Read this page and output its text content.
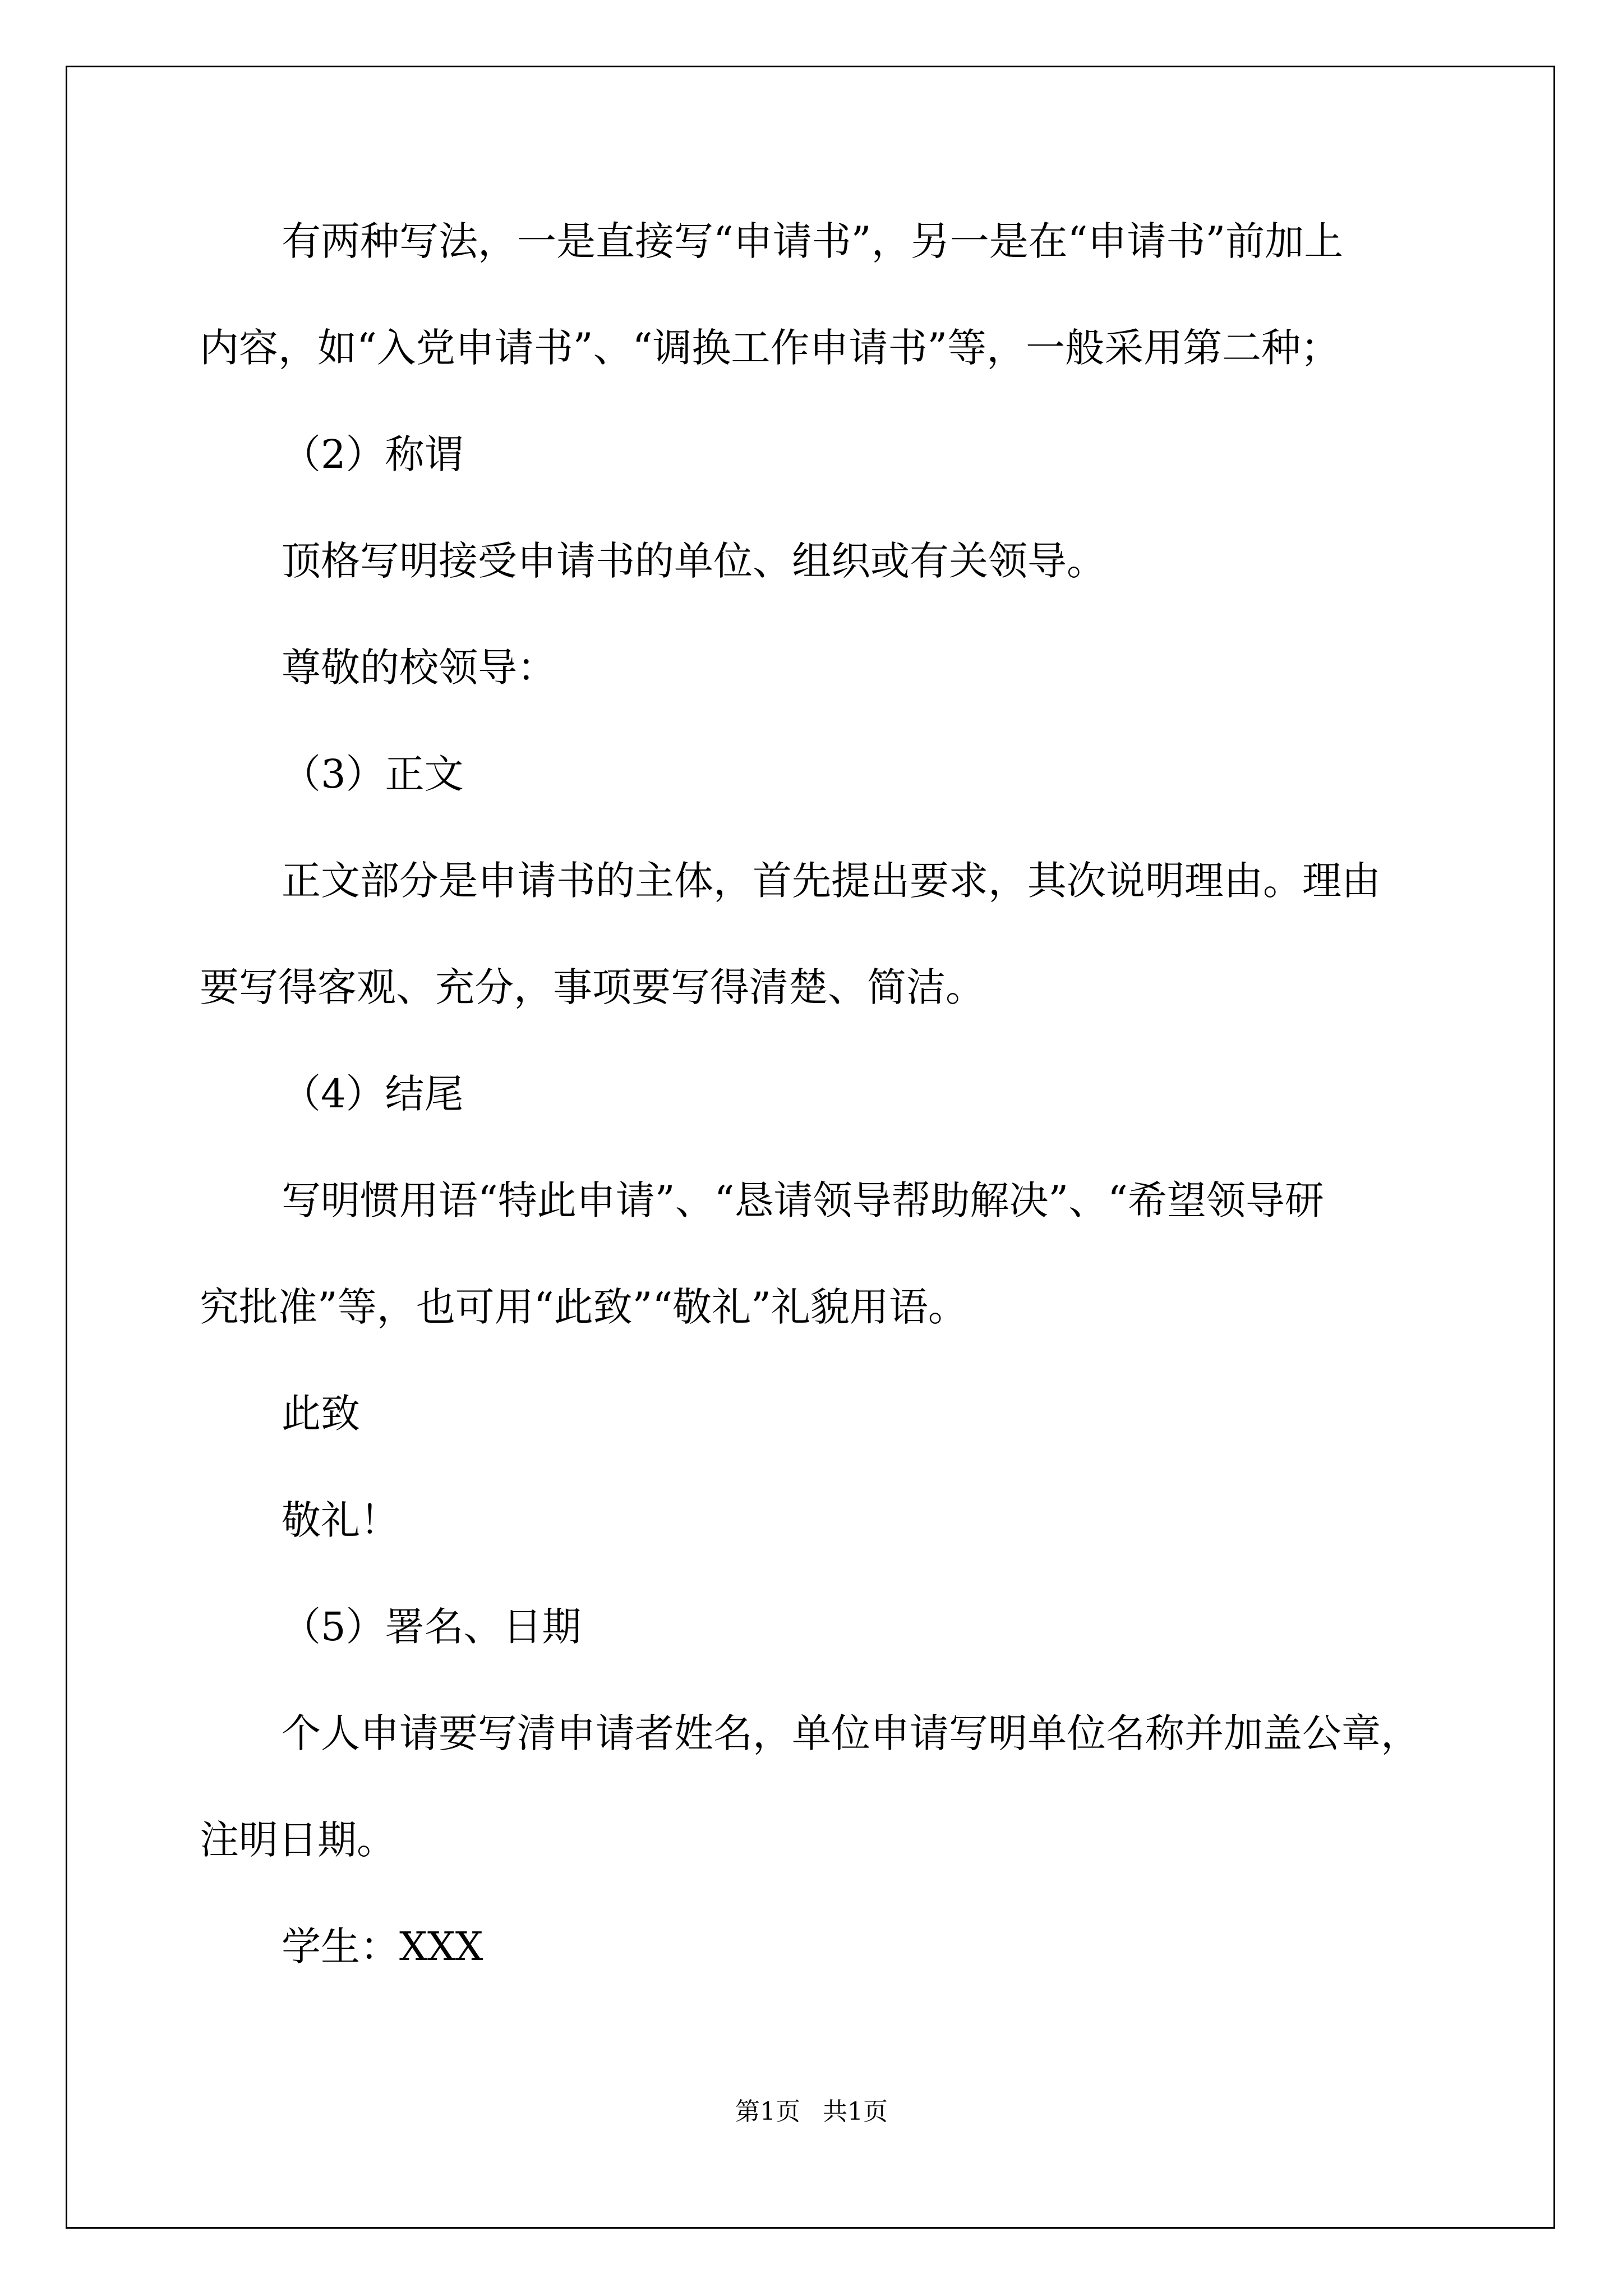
有两种写法，一是直接写“申请书”，另一是在“申请书”前加上
内容，如“入党申请书”、“调换工作申请书”等，一般采用第二种；
（2）称谓
顶格写明接受申请书的单位、组织或有关领导。
尊敬的校领导：
（3）正文
正文部分是申请书的主体，首先提出要求，其次说明理由。理由
要写得客观、充分，事项要写得清楚、简洁。
（4）结尾
写明惯用语“特此申请”、“恳请领导帮助解决”、“希望领导研
究批准”等，也可用“此致”“敬礼”礼貌用语。
此致
敬礼！
（5）署名、日期
个人申请要写清申请者姓名，单位申请写明单位名称并加盖公章，
注明日期。
学生：XXX
第1页 共1页
